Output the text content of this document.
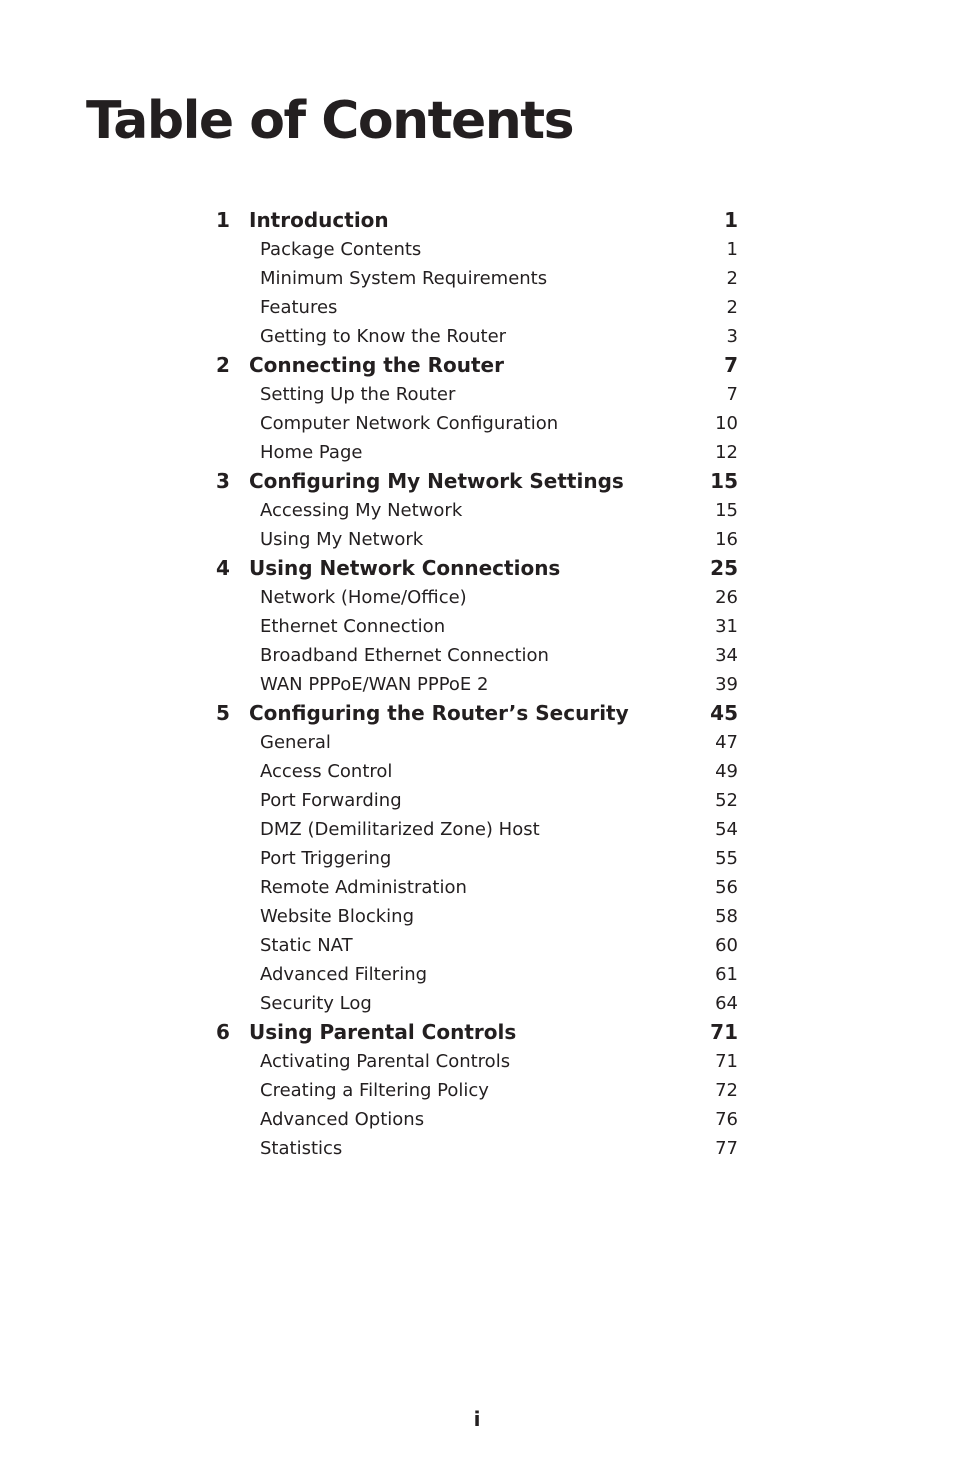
Table of Contents
1 Introduction	1
Package Contents	1
Minimum System Requirements	2
Features	2
Getting to Know the Router	3
2 Connecting the Router	7
Setting Up the Router	7
Computer Network Configuration	10
Home Page	12
3 Configuring My Network Settings	15
Accessing My Network	15
Using My Network	16
4 Using Network Connections	25
Network (Home/Office)	26
Ethernet Connection	31
Broadband Ethernet Connection	34
WAN PPPoE/WAN PPPoE 2	39
5 Configuring the Router’s Security	45
General	47
Access Control	49
Port Forwarding	52
DMZ (Demilitarized Zone) Host	54
Port Triggering	55
Remote Administration	56
Website Blocking	58
Static NAT	60
Advanced Filtering	61
Security Log	64
6 Using Parental Controls	71
Activating Parental Controls	71
Creating a Filtering Policy	72
Advanced Options	76
Statistics	77
i
